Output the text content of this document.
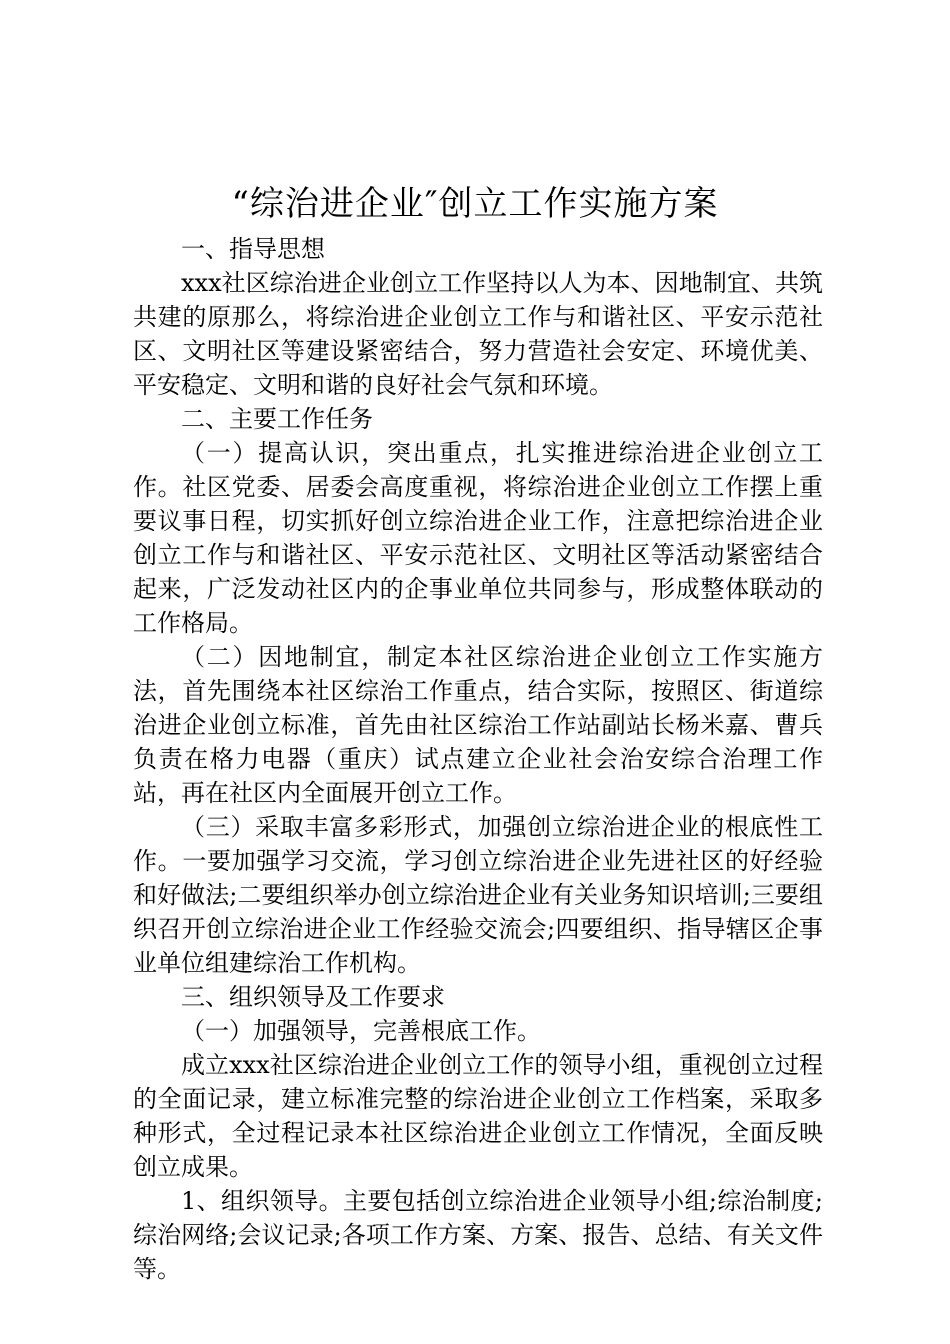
“综治进企业″创立工作实施方案

一、指导思想

xxx社区综治进企业创立工作坚持以人为本、因地制宜、共筑共建的原那么，将综治进企业创立工作与和谐社区、平安示范社区、文明社区等建设紧密结合，努力营造社会安定、环境优美、平安稳定、文明和谐的良好社会气氛和环境。

二、主要工作任务

（一）提高认识，突出重点，扎实推进综治进企业创立工作。社区党委、居委会高度重视，将综治进企业创立工作摆上重要议事日程，切实抓好创立综治进企业工作，注意把综治进企业创立工作与和谐社区、平安示范社区、文明社区等活动紧密结合起来，广泛发动社区内的企事业单位共同参与，形成整体联动的工作格局。

（二）因地制宜，制定本社区综治进企业创立工作实施方法，首先围绕本社区综治工作重点，结合实际，按照区、街道综治进企业创立标准，首先由社区综治工作站副站长杨米嘉、曹兵负责在格力电器（重庆）试点建立企业社会治安综合治理工作站，再在社区内全面展开创立工作。

（三）采取丰富多彩形式，加强创立综治进企业的根底性工作。一要加强学习交流，学习创立综治进企业先进社区的好经验和好做法;二要组织举办创立综治进企业有关业务知识培训;三要组织召开创立综治进企业工作经验交流会;四要组织、指导辖区企事业单位组建综治工作机构。

三、组织领导及工作要求

（一）加强领导，完善根底工作。

成立xxx社区综治进企业创立工作的领导小组，重视创立过程的全面记录，建立标准完整的综治进企业创立工作档案，采取多种形式，全过程记录本社区综治进企业创立工作情况，全面反映创立成果。

1、组织领导。主要包括创立综治进企业领导小组;综治制度;综治网络;会议记录;各项工作方案、方案、报告、总结、有关文件等。
